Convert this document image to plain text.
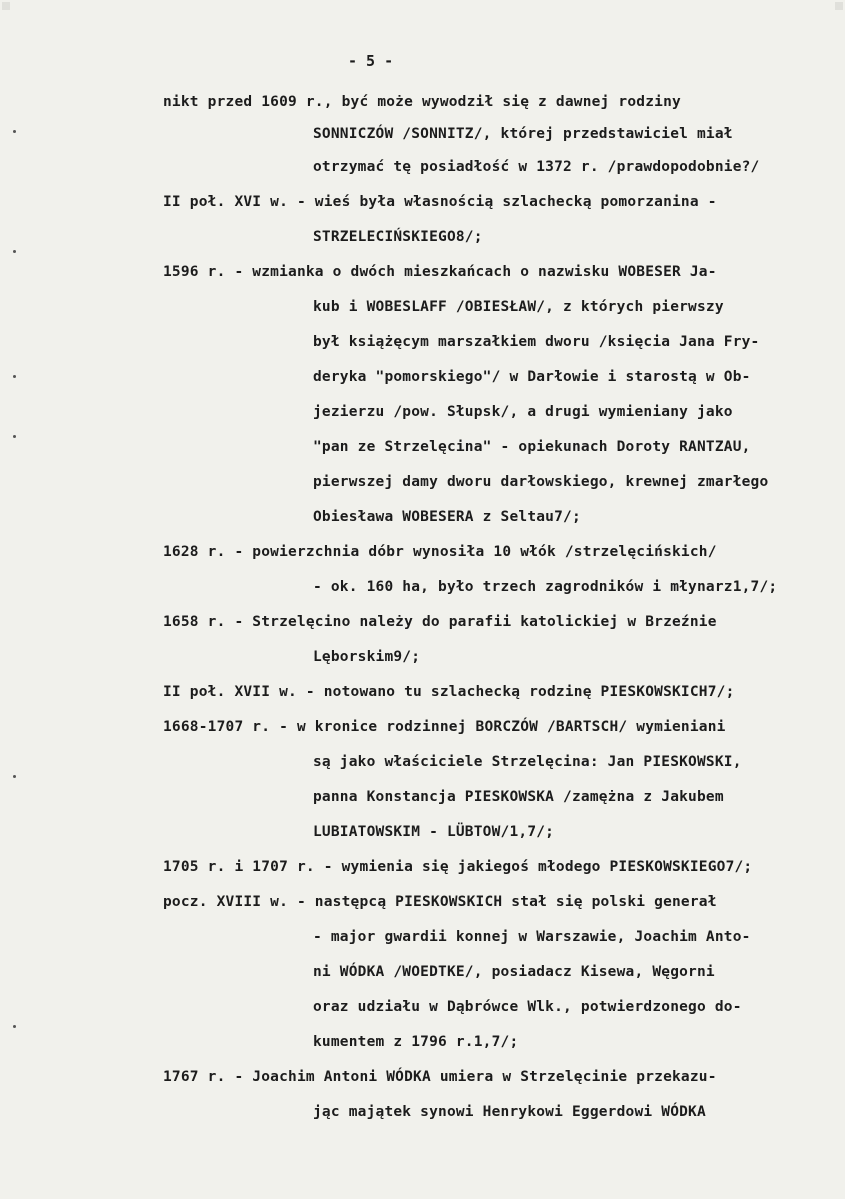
- 5 -
nikt przed 1609 r., być może wywodził się z dawnej rodziny
SONNICZÓW /SONNITZ/, której przedstawiciel miał
otrzymać tę posiadłość w 1372 r. /prawdopodobnie?/
II poł. XVI w. - wieś była własnością szlachecką pomorzanina -
STRZELECIŃSKIEGO8/;
1596 r. - wzmianka o dwóch mieszkańcach o nazwisku WOBESER Ja-
kub i WOBESLAFF /OBIESŁAW/, z których pierwszy
był książęcym marszałkiem dworu /księcia Jana Fry-
deryka "pomorskiego"/ w Darłowie i starostą w Ob-
jezierzu /pow. Słupsk/, a drugi wymieniany jako
"pan ze Strzelęcina" - opiekunach Doroty RANTZAU,
pierwszej damy dworu darłowskiego, krewnej zmarłego
Obiesława WOBESERA z Seltau7/;
1628 r. - powierzchnia dóbr wynosiła 10 włók /strzelęcińskich/
- ok. 160 ha, było trzech zagrodników i młynarz1,7/;
1658 r. - Strzelęcino należy do parafii katolickiej w Brzeźnie
Lęborskim9/;
II poł. XVII w. - notowano tu szlachecką rodzinę PIESKOWSKICH7/;
1668-1707 r. - w kronice rodzinnej BORCZÓW /BARTSCH/ wymieniani
są jako właściciele Strzelęcina: Jan PIESKOWSKI,
panna Konstancja PIESKOWSKA /zamężna z Jakubem
LUBIATOWSKIM - LÜBTOW/1,7/;
1705 r. i 1707 r. - wymienia się jakiegoś młodego PIESKOWSKIEGO7/;
pocz. XVIII w. - następcą PIESKOWSKICH stał się polski generał
- major gwardii konnej w Warszawie, Joachim Anto-
ni WÓDKA /WOEDTKE/, posiadacz Kisewa, Węgorni
oraz udziału w Dąbrówce Wlk., potwierdzonego do-
kumentem z 1796 r.1,7/;
1767 r. - Joachim Antoni WÓDKA umiera w Strzelęcinie przekazu-
jąc majątek synowi Henrykowi Eggerdowi WÓDKA
